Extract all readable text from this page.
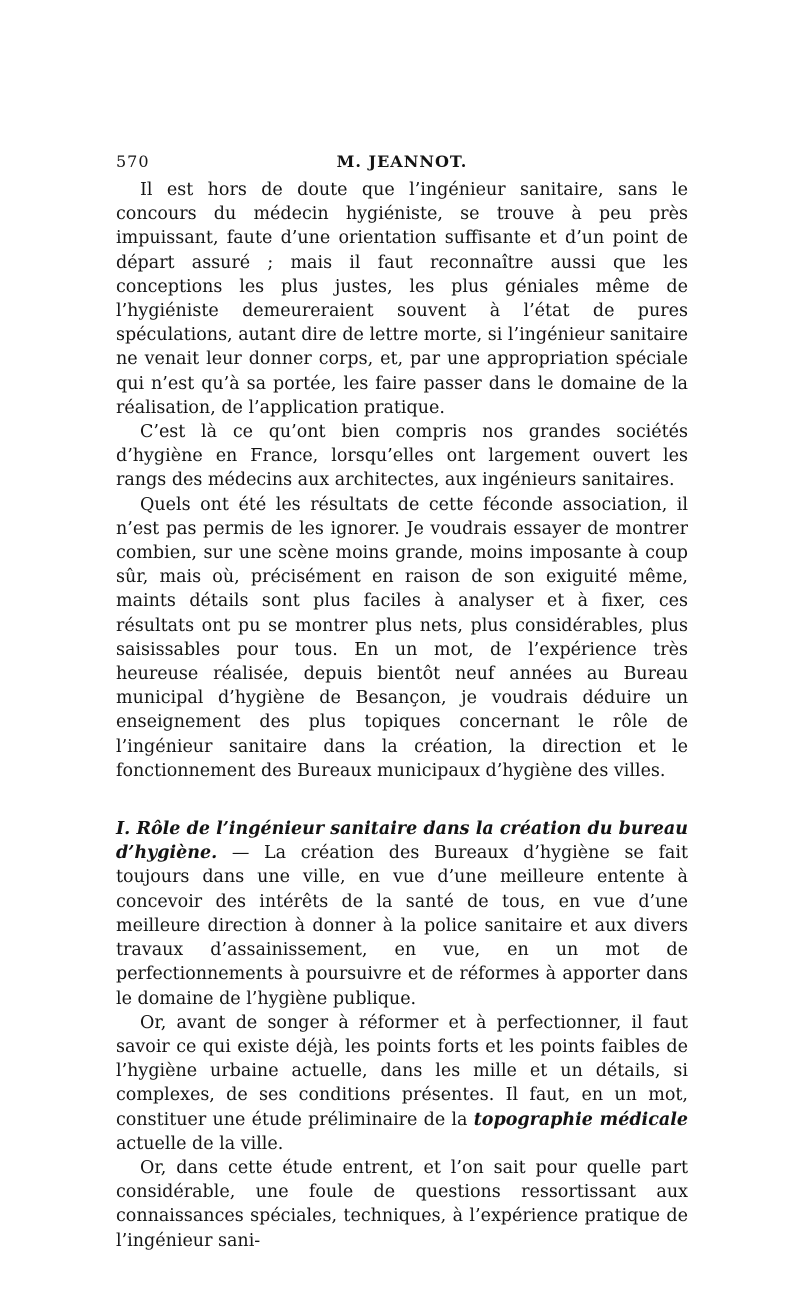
570	M. JEANNOT.

Il est hors de doute que l’ingénieur sanitaire, sans le concours du médecin hygiéniste, se trouve à peu près impuissant, faute d’une orientation suffisante et d’un point de départ assuré ; mais il faut reconnaître aussi que les conceptions les plus justes, les plus géniales même de l’hygiéniste demeureraient souvent à l’état de pures spéculations, autant dire de lettre morte, si l’ingénieur sanitaire ne venait leur donner corps, et, par une appropriation spéciale qui n’est qu’à sa portée, les faire passer dans le domaine de la réalisation, de l’application pratique.

C’est là ce qu’ont bien compris nos grandes sociétés d’hygiène en France, lorsqu’elles ont largement ouvert les rangs des médecins aux architectes, aux ingénieurs sanitaires.

Quels ont été les résultats de cette féconde association, il n’est pas permis de les ignorer. Je voudrais essayer de montrer combien, sur une scène moins grande, moins imposante à coup sûr, mais où, précisément en raison de son exiguité même, maints détails sont plus faciles à analyser et à fixer, ces résultats ont pu se montrer plus nets, plus considérables, plus saisissables pour tous. En un mot, de l’expérience très heureuse réalisée, depuis bientôt neuf années au Bureau municipal d’hygiène de Besançon, je voudrais déduire un enseignement des plus topiques concernant le rôle de l’ingénieur sanitaire dans la création, la direction et le fonctionnement des Bureaux municipaux d’hygiène des villes.

I. Rôle de l’ingénieur sanitaire dans la création du bureau d’hygiène. — La création des Bureaux d’hygiène se fait toujours dans une ville, en vue d’une meilleure entente à concevoir des intérêts de la santé de tous, en vue d’une meilleure direction à donner à la police sanitaire et aux divers travaux d’assainissement, en vue, en un mot de perfectionnements à poursuivre et de réformes à apporter dans le domaine de l’hygiène publique.

Or, avant de songer à réformer et à perfectionner, il faut savoir ce qui existe déjà, les points forts et les points faibles de l’hygiène urbaine actuelle, dans les mille et un détails, si complexes, de ses conditions présentes. Il faut, en un mot, constituer une étude préliminaire de la topographie médicale actuelle de la ville.

Or, dans cette étude entrent, et l’on sait pour quelle part considérable, une foule de questions ressortissant aux connaissances spéciales, techniques, à l’expérience pratique de l’ingénieur sani-
